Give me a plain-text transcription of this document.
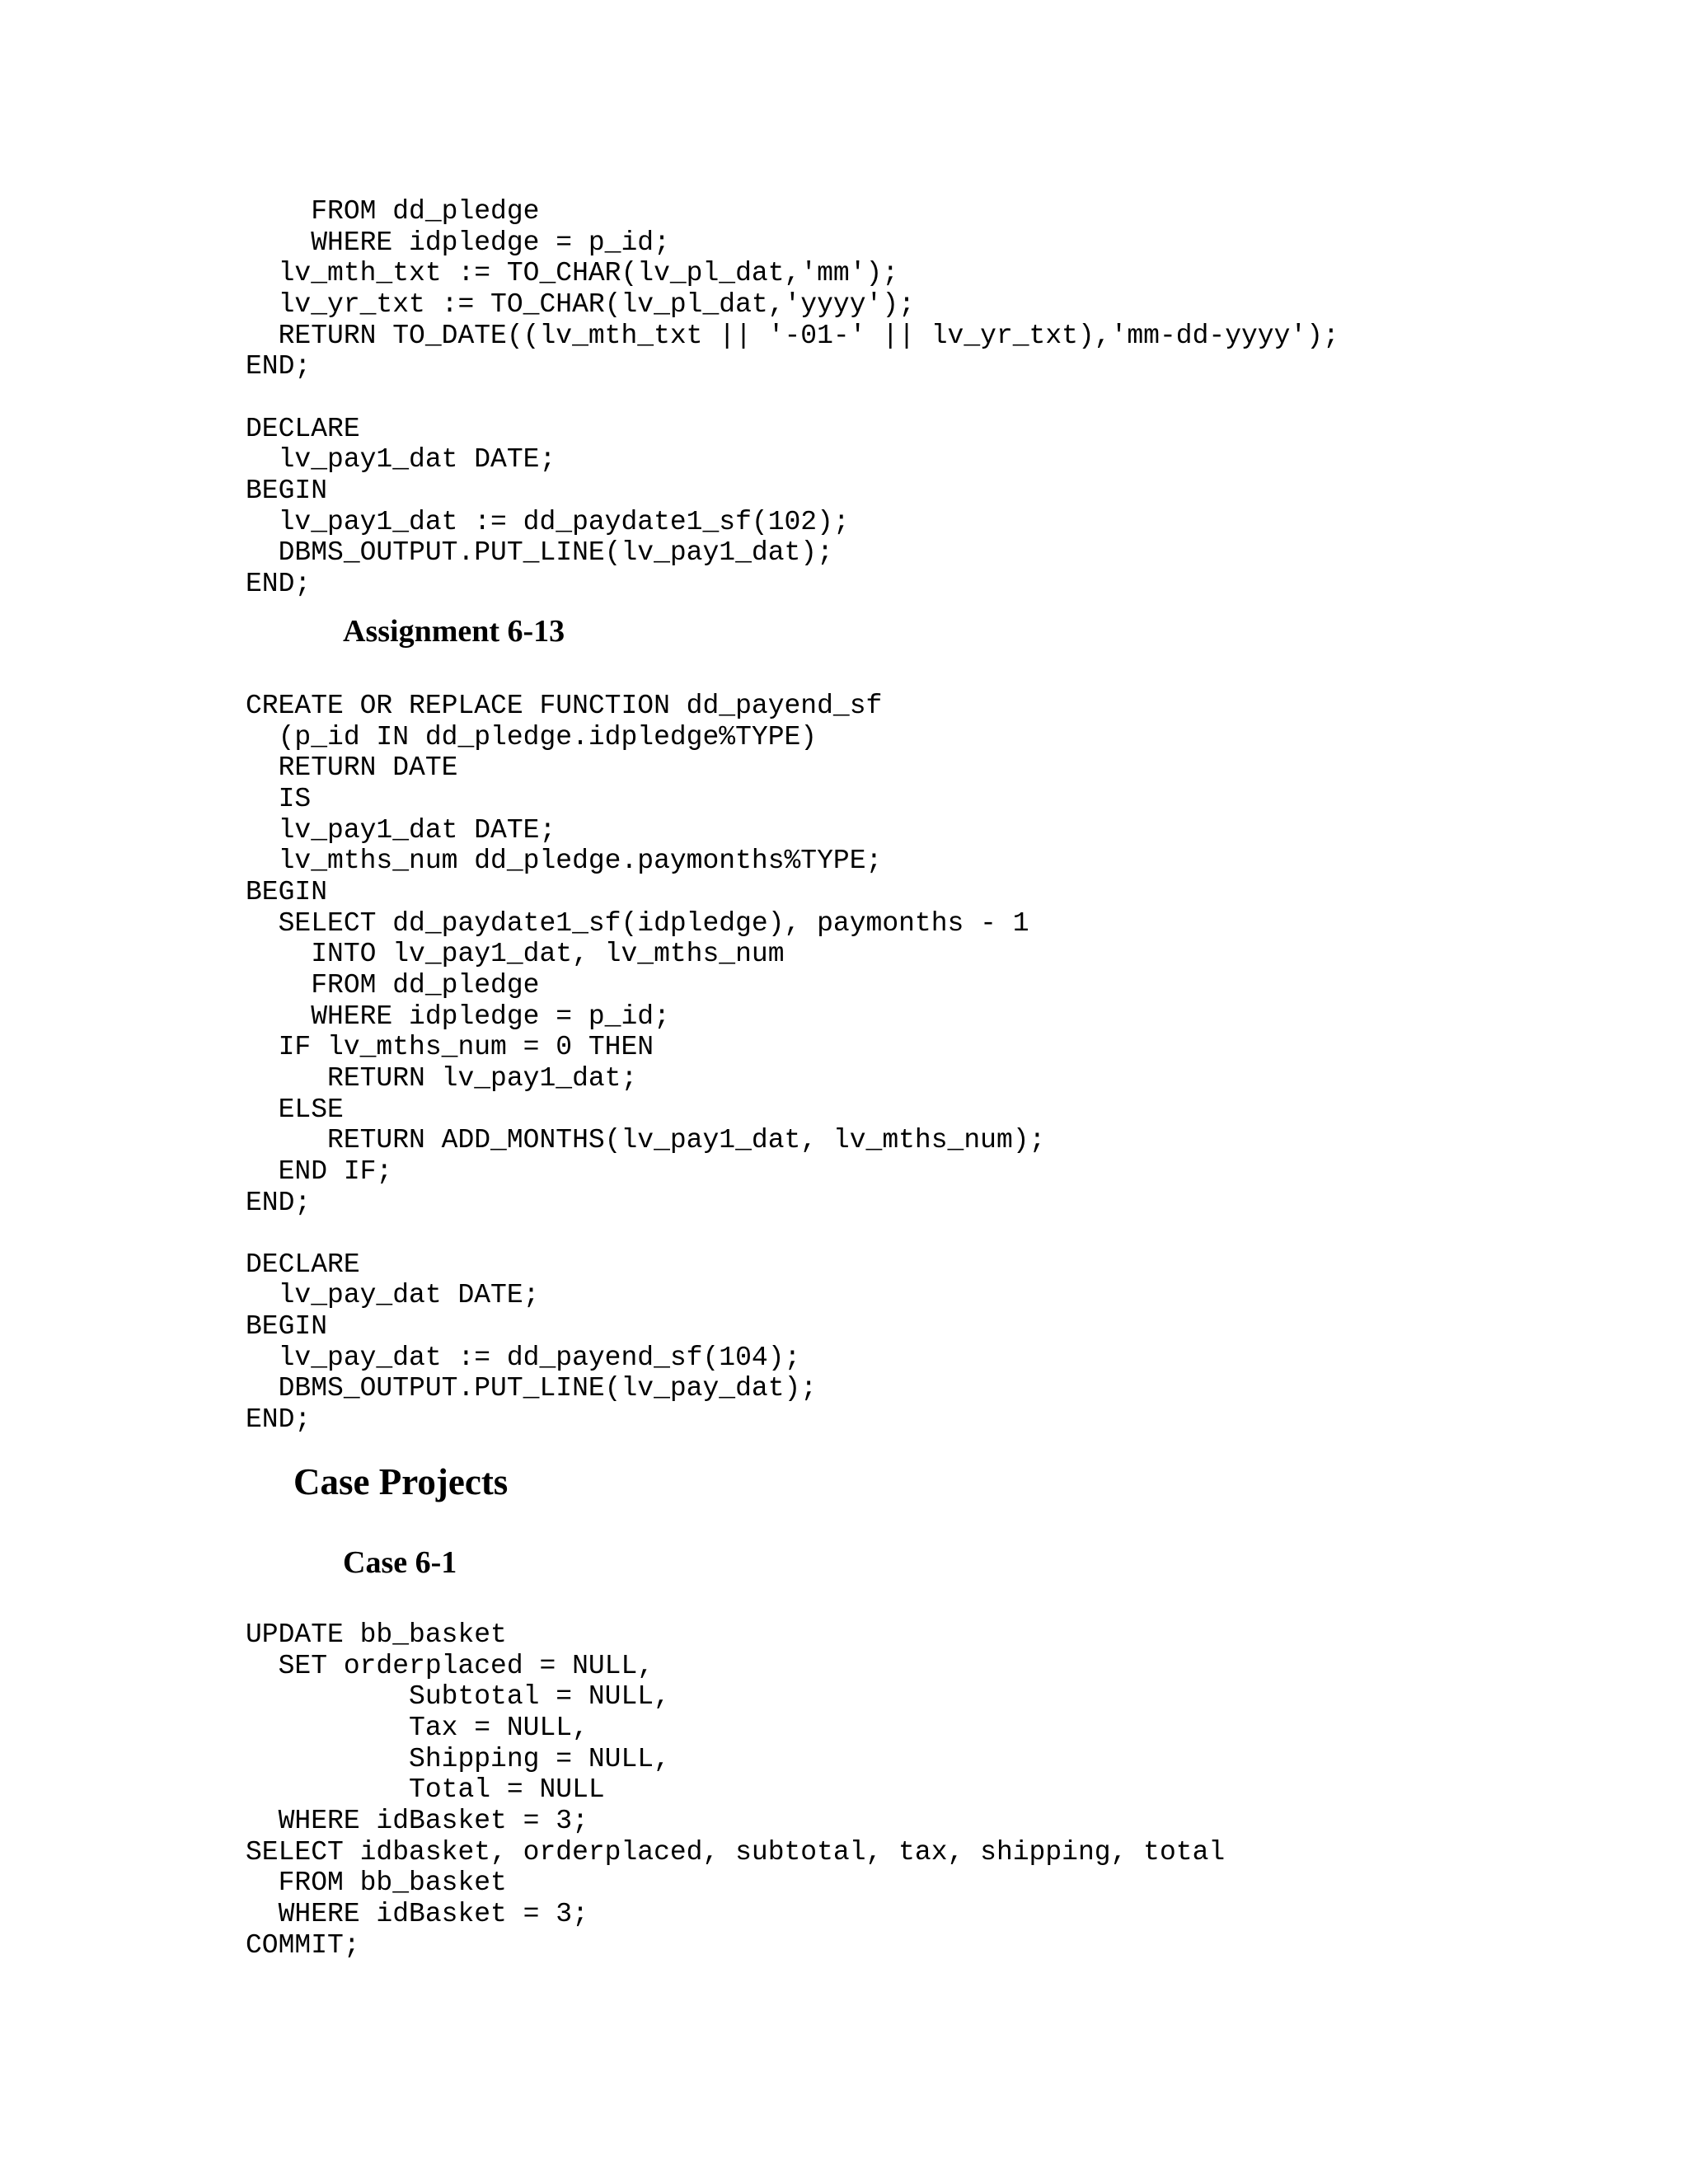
FROM dd_pledge
WHERE idpledge = p_id;
lv_mth_txt := TO_CHAR(lv_pl_dat,'mm');
lv_yr_txt := TO_CHAR(lv_pl_dat,'yyyy');
RETURN TO_DATE((lv_mth_txt || '-01-' || lv_yr_txt),'mm-dd-yyyy');
END;

DECLARE
lv_pay1_dat DATE;
BEGIN
lv_pay1_dat := dd_paydate1_sf(102);
DBMS_OUTPUT.PUT_LINE(lv_pay1_dat);
END;
Assignment 6-13
CREATE OR REPLACE FUNCTION dd_payend_sf
(p_id IN dd_pledge.idpledge%TYPE)
RETURN DATE
IS
lv_pay1_dat DATE;
lv_mths_num dd_pledge.paymonths%TYPE;
BEGIN
SELECT dd_paydate1_sf(idpledge), paymonths - 1
INTO lv_pay1_dat, lv_mths_num
FROM dd_pledge
WHERE idpledge = p_id;
IF lv_mths_num = 0 THEN
RETURN lv_pay1_dat;
ELSE
RETURN ADD_MONTHS(lv_pay1_dat, lv_mths_num);
END IF;
END;

DECLARE
lv_pay_dat DATE;
BEGIN
lv_pay_dat := dd_payend_sf(104);
DBMS_OUTPUT.PUT_LINE(lv_pay_dat);
END;
Case Projects
Case 6-1
UPDATE bb_basket
SET orderplaced = NULL,
Subtotal = NULL,
Tax = NULL,
Shipping = NULL,
Total = NULL
WHERE idBasket = 3;
SELECT idbasket, orderplaced, subtotal, tax, shipping, total
FROM bb_basket
WHERE idBasket = 3;
COMMIT;
